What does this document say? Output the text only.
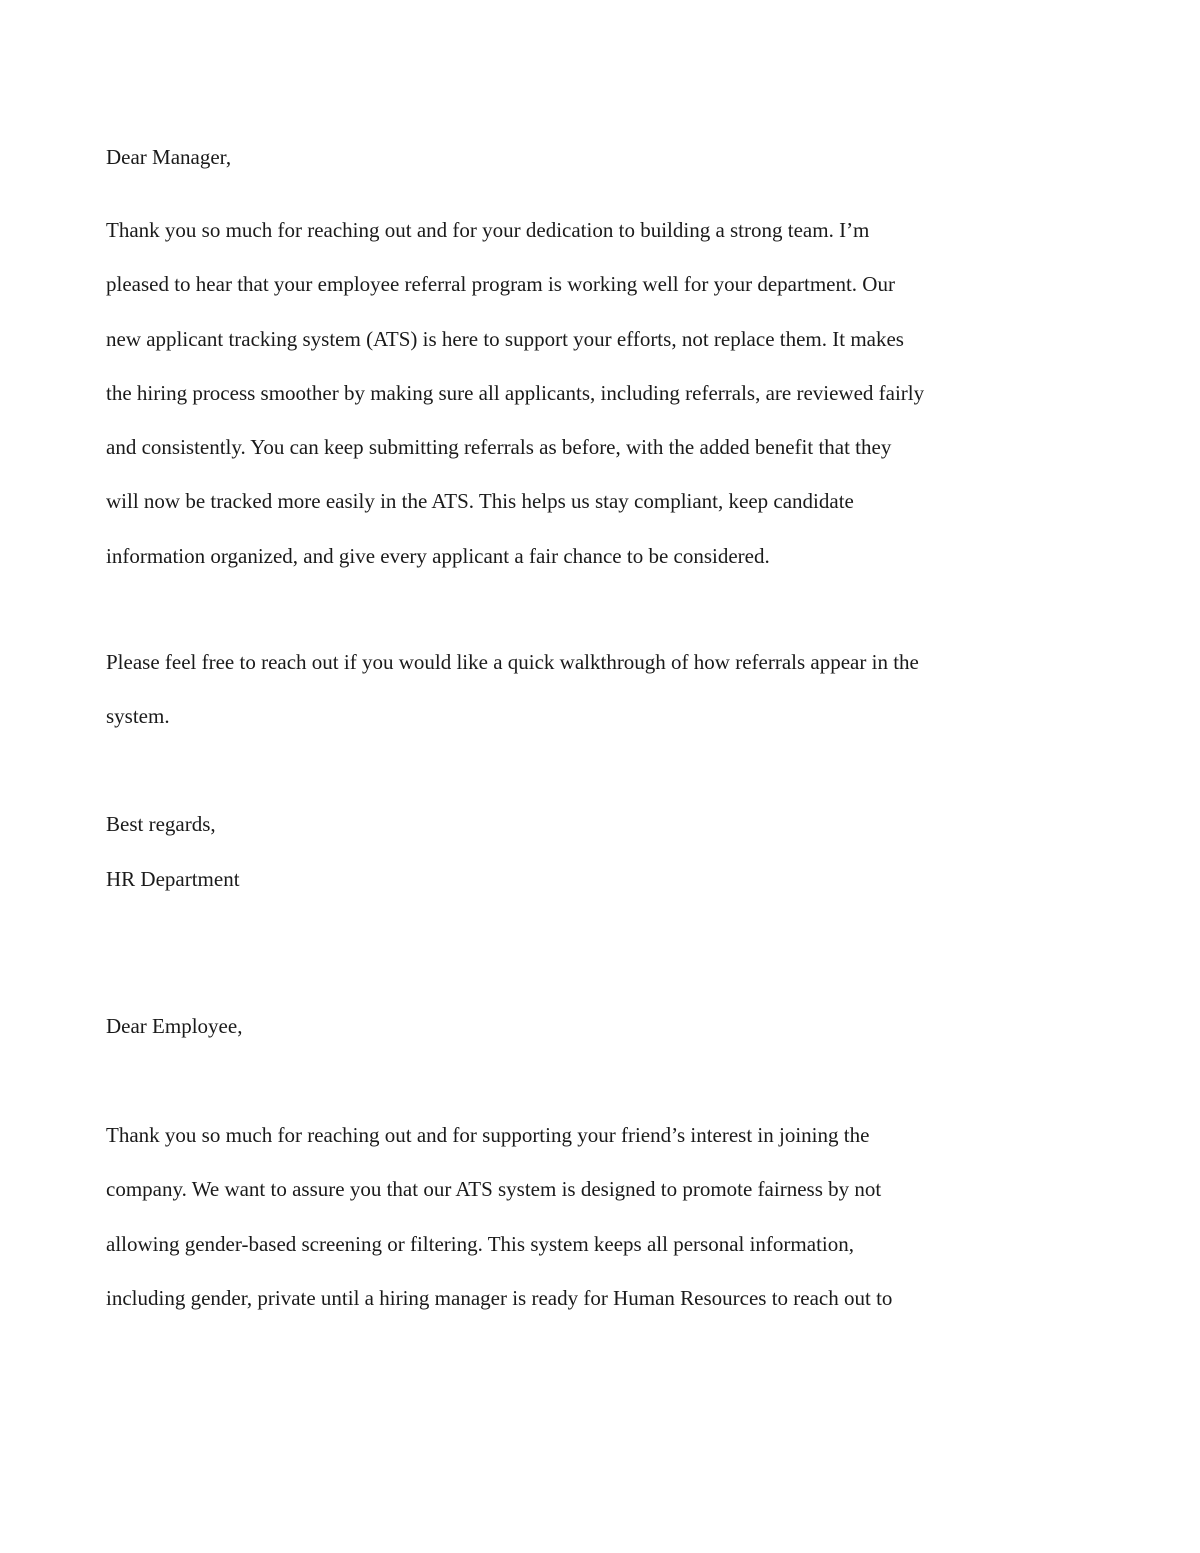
Dear Manager,
Thank you so much for reaching out and for your dedication to building a strong team. I’m
pleased to hear that your employee referral program is working well for your department. Our
new applicant tracking system (ATS) is here to support your efforts, not replace them. It makes
the hiring process smoother by making sure all applicants, including referrals, are reviewed fairly
and consistently. You can keep submitting referrals as before, with the added benefit that they
will now be tracked more easily in the ATS. This helps us stay compliant, keep candidate
information organized, and give every applicant a fair chance to be considered.
Please feel free to reach out if you would like a quick walkthrough of how referrals appear in the
system.
Best regards,
HR Department
Dear Employee,
Thank you so much for reaching out and for supporting your friend’s interest in joining the
company. We want to assure you that our ATS system is designed to promote fairness by not
allowing gender-based screening or filtering. This system keeps all personal information,
including gender, private until a hiring manager is ready for Human Resources to reach out to
